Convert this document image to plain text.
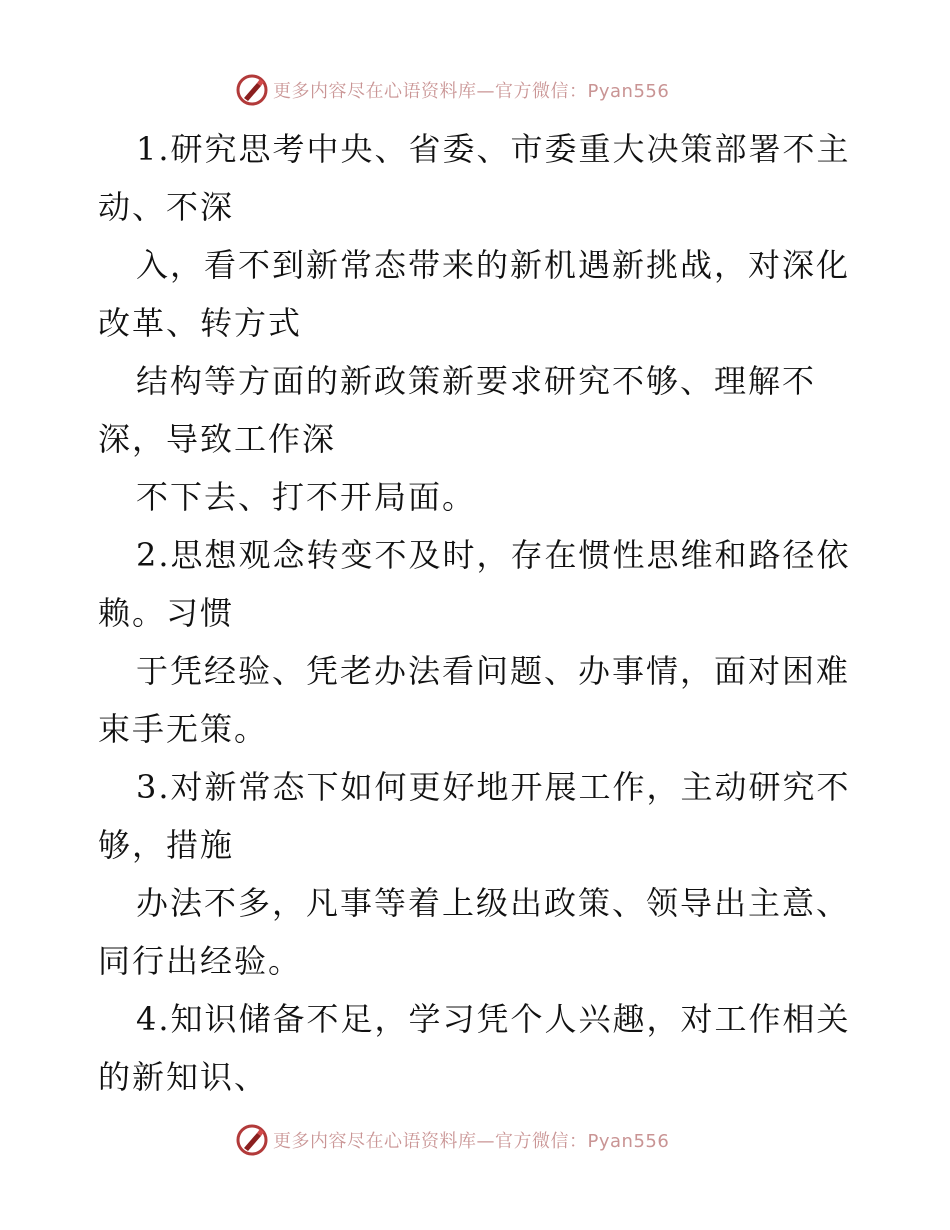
更多内容尽在心语资料库—官方微信：Pyan556
1.研究思考中央、省委、市委重大决策部署不主
动、不深
入，看不到新常态带来的新机遇新挑战，对深化
改革、转方式
结构等方面的新政策新要求研究不够、理解不
深，导致工作深
不下去、打不开局面。
2.思想观念转变不及时，存在惯性思维和路径依
赖。习惯
于凭经验、凭老办法看问题、办事情，面对困难
束手无策。
3.对新常态下如何更好地开展工作，主动研究不
够，措施
办法不多，凡事等着上级出政策、领导出主意、
同行出经验。
4.知识储备不足，学习凭个人兴趣，对工作相关
的新知识、
更多内容尽在心语资料库—官方微信：Pyan556
